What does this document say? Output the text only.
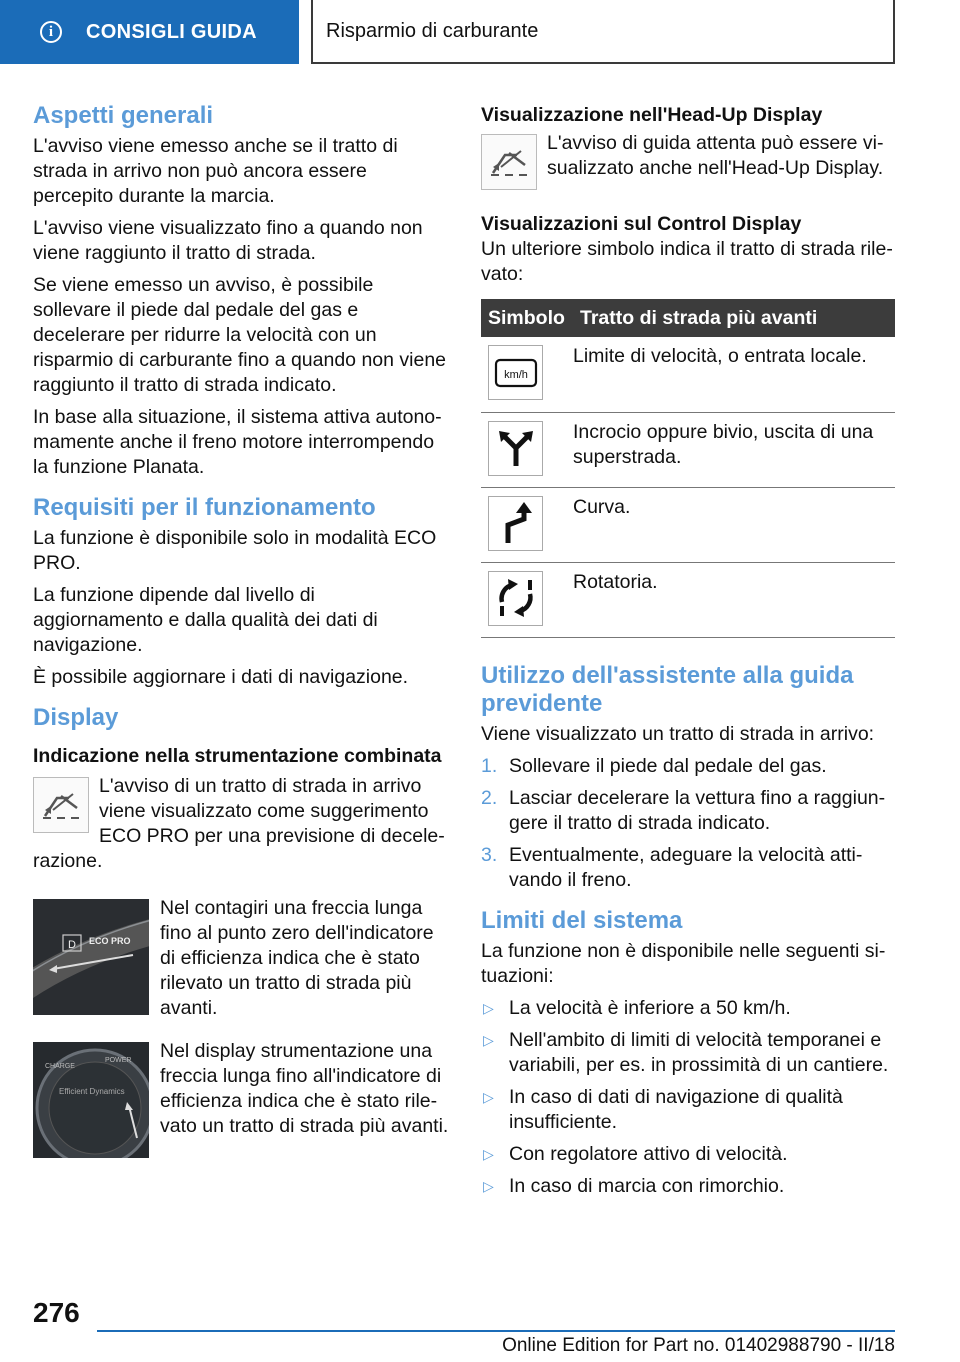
i	CONSIGLI GUIDA	Risparmio di carburante
Aspetti generali

L'avviso viene emesso anche se il tratto di strada in arrivo non può ancora essere percepito durante la marcia.

L'avviso viene visualizzato fino a quando non viene raggiunto il tratto di strada.

Se viene emesso un avviso, è possibile sollevare il piede dal pedale del gas e decelerare per ridurre la velocità con un risparmio di carburante fino a quando non viene raggiunto il tratto di strada indicato.

In base alla situazione, il sistema attiva autonomamente anche il freno motore interrompendo la funzione Planata.

Requisiti per il funzionamento

La funzione è disponibile solo in modalità ECO PRO.

La funzione dipende dal livello di aggiornamento e dalla qualità dei dati di navigazione.

È possibile aggiornare i dati di navigazione.

Display
Indicazione nella strumentazione combinata
L'avviso di un tratto di strada in arrivo viene visualizzato come suggerimento ECO PRO per una previsione di decelerazione.
D ECO PRO
Nel contagiri una freccia lunga fino al punto zero dell'indicatore di efficienza indica che è stato rilevato un tratto di strada più avanti.
CHARGE
POWER
Efficient Dynamics
Nel display strumentazione una freccia lunga fino all'indicatore di efficienza indica che è stato rilevato un tratto di strada più avanti.
Visualizzazione nell'Head-Up Display
L'avviso di guida attenta può essere visualizzato anche nell'Head-Up Display.
Visualizzazioni sul Control Display

Un ulteriore simbolo indica il tratto di strada rilevato:

Simbolo	Tratto di strada più avanti

km/h	Limite di velocità, o entrata locale.

	Incrocio oppure bivio, uscita di una superstrada.

	Curva.

	Rotatoria.
Utilizzo dell'assistente alla guida previdente

Viene visualizzato un tratto di strada in arrivo:

1. Sollevare il piede dal pedale del gas.
2. Lasciar decelerare la vettura fino a raggiungere il tratto di strada indicato.
3. Eventualmente, adeguare la velocità attivando il freno.
Limiti del sistema

La funzione non è disponibile nelle seguenti situazioni:

▷ La velocità è inferiore a 50 km/h.
▷ Nell'ambito di limiti di velocità temporanei e variabili, per es. in prossimità di un cantiere.
▷ In caso di dati di navigazione di qualità insufficiente.
▷ Con regolatore attivo di velocità.
▷ In caso di marcia con rimorchio.
276
Online Edition for Part no. 01402988790 - II/18
